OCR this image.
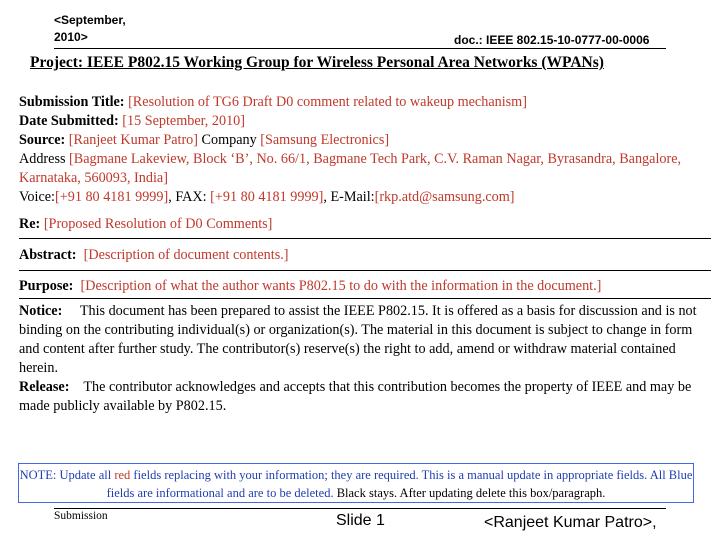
<September,
2010>	doc.: IEEE 802.15-10-0777-00-0006
Project: IEEE P802.15 Working Group for Wireless Personal Area Networks (WPANs)
Submission Title: [Resolution of TG6 Draft D0 comment related to wakeup mechanism]
Date Submitted: [15 September, 2010]
Source: [Ranjeet Kumar Patro] Company [Samsung Electronics]
Address [Bagmane Lakeview, Block ‘B’, No. 66/1, Bagmane Tech Park, C.V. Raman Nagar, Byrasandra, Bangalore, Karnataka, 560093, India]
Voice:[+91 80 4181 9999], FAX: [+91 80 4181 9999], E-Mail:[rkp.atd@samsung.com]
Re: [Proposed Resolution of D0 Comments]
Abstract: [Description of document contents.]
Purpose: [Description of what the author wants P802.15 to do with the information in the document.]
Notice: This document has been prepared to assist the IEEE P802.15. It is offered as a basis for discussion and is not binding on the contributing individual(s) or organization(s). The material in this document is subject to change in form and content after further study. The contributor(s) reserve(s) the right to add, amend or withdraw material contained herein.
Release: The contributor acknowledges and accepts that this contribution becomes the property of IEEE and may be made publicly available by P802.15.
NOTE: Update all red fields replacing with your information; they are required. This is a manual update in appropriate fields. All Blue fields are informational and are to be deleted. Black stays. After updating delete this box/paragraph.
Submission	Slide 1	<Ranjeet Kumar Patro>,
